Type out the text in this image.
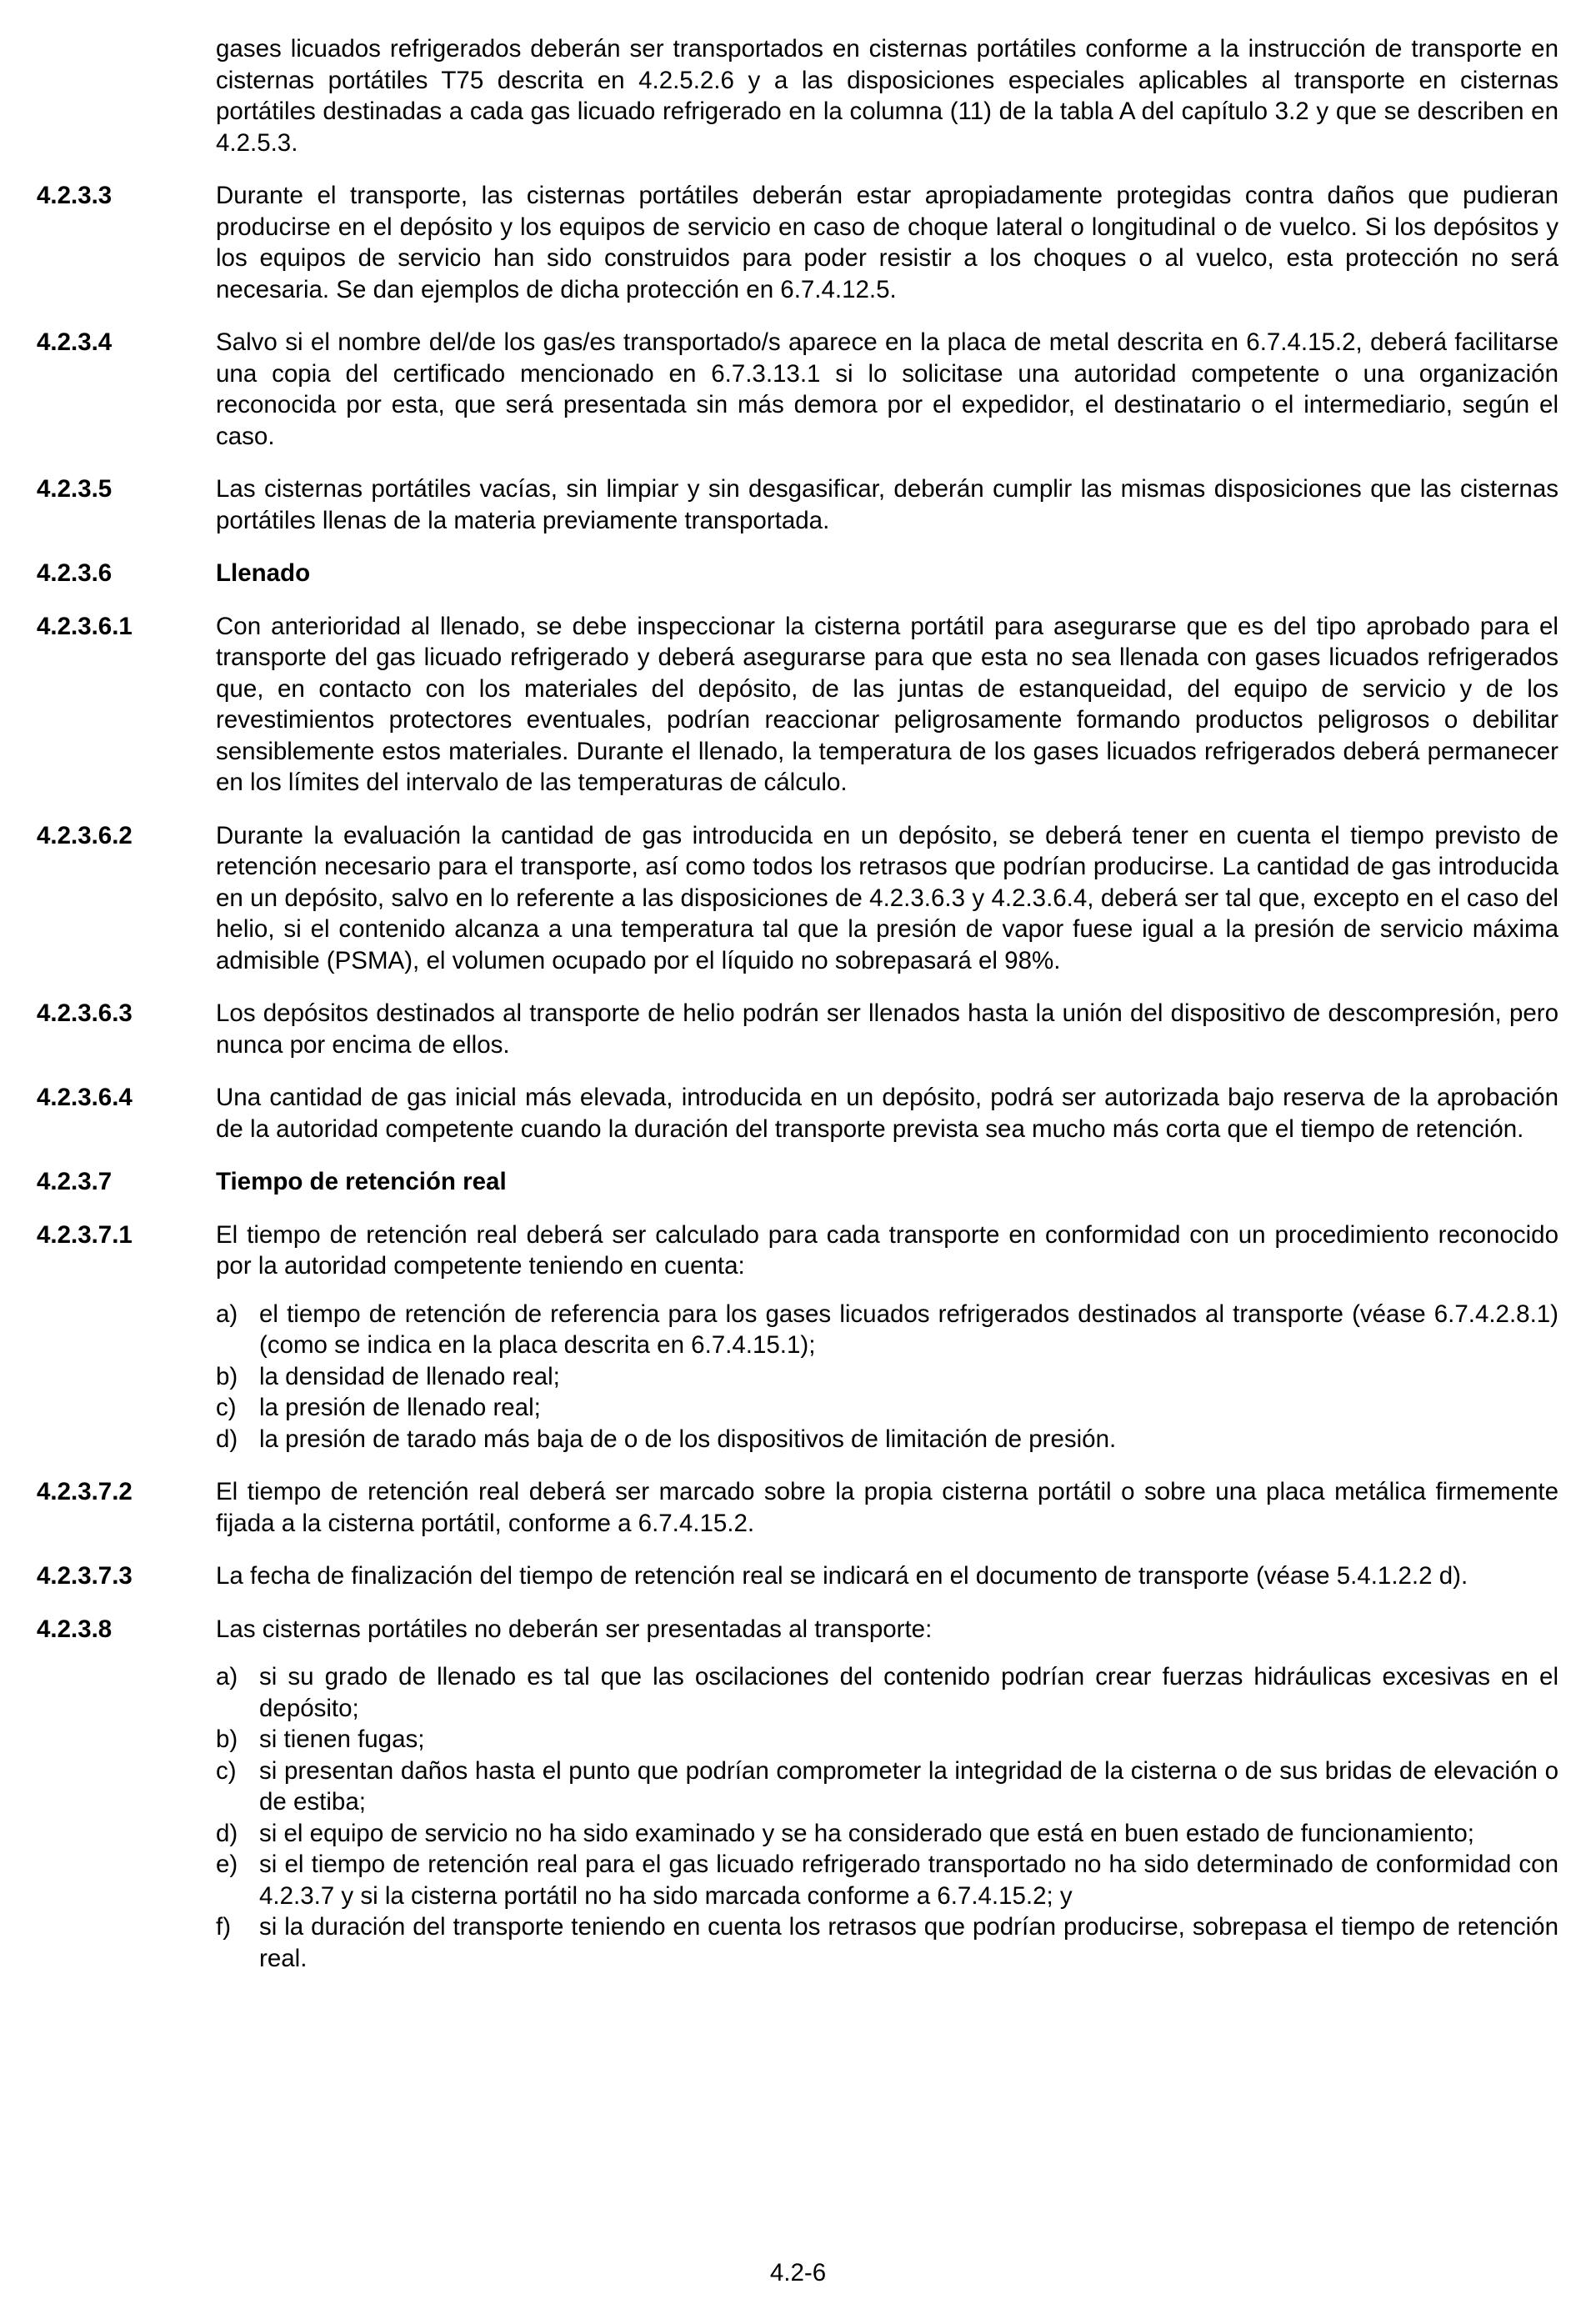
gases licuados refrigerados deberán ser transportados en cisternas portátiles conforme a la instrucción de transporte en cisternas portátiles T75 descrita en 4.2.5.2.6 y a las disposiciones especiales aplicables al transporte en cisternas portátiles destinadas a cada gas licuado refrigerado en la columna (11) de la tabla A del capítulo 3.2 y que se describen en 4.2.5.3.
4.2.3.3	Durante el transporte, las cisternas portátiles deberán estar apropiadamente protegidas contra daños que pudieran producirse en el depósito y los equipos de servicio en caso de choque lateral o longitudinal o de vuelco. Si los depósitos y los equipos de servicio han sido construidos para poder resistir a los choques o al vuelco, esta protección no será necesaria. Se dan ejemplos de dicha protección en 6.7.4.12.5.
4.2.3.4	Salvo si el nombre del/de los gas/es transportado/s aparece en la placa de metal descrita en 6.7.4.15.2, deberá facilitarse una copia del certificado mencionado en 6.7.3.13.1 si lo solicitase una autoridad competente o una organización reconocida por esta, que será presentada sin más demora por el expedidor, el destinatario o el intermediario, según el caso.
4.2.3.5	Las cisternas portátiles vacías, sin limpiar y sin desgasificar, deberán cumplir las mismas disposiciones que las cisternas portátiles llenas de la materia previamente transportada.
4.2.3.6	Llenado
4.2.3.6.1	Con anterioridad al llenado, se debe inspeccionar la cisterna portátil para asegurarse que es del tipo aprobado para el transporte del gas licuado refrigerado y deberá asegurarse para que esta no sea llenada con gases licuados refrigerados que, en contacto con los materiales del depósito, de las juntas de estanqueidad, del equipo de servicio y de los revestimientos protectores eventuales, podrían reaccionar peligrosamente formando productos peligrosos o debilitar sensiblemente estos materiales. Durante el llenado, la temperatura de los gases licuados refrigerados deberá permanecer en los límites del intervalo de las temperaturas de cálculo.
4.2.3.6.2	Durante la evaluación la cantidad de gas introducida en un depósito, se deberá tener en cuenta el tiempo previsto de retención necesario para el transporte, así como todos los retrasos que podrían producirse. La cantidad de gas introducida en un depósito, salvo en lo referente a las disposiciones de 4.2.3.6.3 y 4.2.3.6.4, deberá ser tal que, excepto en el caso del helio, si el contenido alcanza a una temperatura tal que la presión de vapor fuese igual a la presión de servicio máxima admisible (PSMA), el volumen ocupado por el líquido no sobrepasará el 98%.
4.2.3.6.3	Los depósitos destinados al transporte de helio podrán ser llenados hasta la unión del dispositivo de descompresión, pero nunca por encima de ellos.
4.2.3.6.4	Una cantidad de gas inicial más elevada, introducida en un depósito, podrá ser autorizada bajo reserva de la aprobación de la autoridad competente cuando la duración del transporte prevista sea mucho más corta que el tiempo de retención.
4.2.3.7	Tiempo de retención real
4.2.3.7.1	El tiempo de retención real deberá ser calculado para cada transporte en conformidad con un procedimiento reconocido por la autoridad competente teniendo en cuenta:
a) el tiempo de retención de referencia para los gases licuados refrigerados destinados al transporte (véase 6.7.4.2.8.1) (como se indica en la placa descrita en 6.7.4.15.1);
b) la densidad de llenado real;
c) la presión de llenado real;
d) la presión de tarado más baja de o de los dispositivos de limitación de presión.
4.2.3.7.2	El tiempo de retención real deberá ser marcado sobre la propia cisterna portátil o sobre una placa metálica firmemente fijada a la cisterna portátil, conforme a 6.7.4.15.2.
4.2.3.7.3	La fecha de finalización del tiempo de retención real se indicará en el documento de transporte (véase 5.4.1.2.2 d).
4.2.3.8	Las cisternas portátiles no deberán ser presentadas al transporte:
a) si su grado de llenado es tal que las oscilaciones del contenido podrían crear fuerzas hidráulicas excesivas en el depósito;
b) si tienen fugas;
c) si presentan daños hasta el punto que podrían comprometer la integridad de la cisterna o de sus bridas de elevación o de estiba;
d) si el equipo de servicio no ha sido examinado y se ha considerado que está en buen estado de funcionamiento;
e) si el tiempo de retención real para el gas licuado refrigerado transportado no ha sido determinado de conformidad con 4.2.3.7 y si la cisterna portátil no ha sido marcada conforme a 6.7.4.15.2; y
f)	si la duración del transporte teniendo en cuenta los retrasos que podrían producirse, sobrepasa el tiempo de retención real.
4.2-6
